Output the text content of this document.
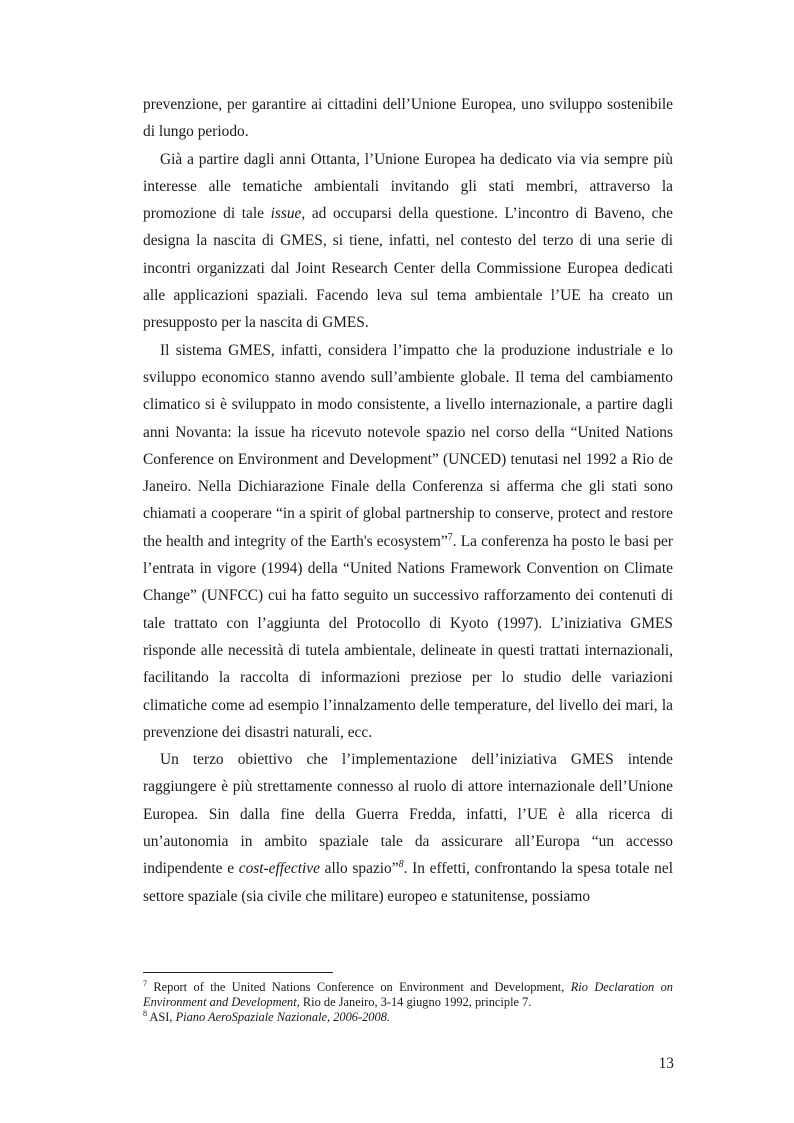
prevenzione, per garantire ai cittadini dell’Unione Europea, uno sviluppo sostenibile di lungo periodo.

Già a partire dagli anni Ottanta, l’Unione Europea ha dedicato via via sempre più interesse alle tematiche ambientali invitando gli stati membri, attraverso la promozione di tale issue, ad occuparsi della questione. L’incontro di Baveno, che designa la nascita di GMES, si tiene, infatti, nel contesto del terzo di una serie di incontri organizzati dal Joint Research Center della Commissione Europea dedicati alle applicazioni spaziali. Facendo leva sul tema ambientale l’UE ha creato un presupposto per la nascita di GMES.

Il sistema GMES, infatti, considera l’impatto che la produzione industriale e lo sviluppo economico stanno avendo sull’ambiente globale. Il tema del cambiamento climatico si è sviluppato in modo consistente, a livello internazionale, a partire dagli anni Novanta: la issue ha ricevuto notevole spazio nel corso della “United Nations Conference on Environment and Development” (UNCED) tenutasi nel 1992 a Rio de Janeiro. Nella Dichiarazione Finale della Conferenza si afferma che gli stati sono chiamati a cooperare “in a spirit of global partnership to conserve, protect and restore the health and integrity of the Earth's ecosystem”$^7$. La conferenza ha posto le basi per l’entrata in vigore (1994) della “United Nations Framework Convention on Climate Change” (UNFCC) cui ha fatto seguito un successivo rafforzamento dei contenuti di tale trattato con l’aggiunta del Protocollo di Kyoto (1997). L’iniziativa GMES risponde alle necessità di tutela ambientale, delineate in questi trattati internazionali, facilitando la raccolta di informazioni preziose per lo studio delle variazioni climatiche come ad esempio l’innalzamento delle temperature, del livello dei mari, la prevenzione dei disastri naturali, ecc.

Un terzo obiettivo che l’implementazione dell’iniziativa GMES intende raggiungere è più strettamente connesso al ruolo di attore internazionale dell’Unione Europea. Sin dalla fine della Guerra Fredda, infatti, l’UE è alla ricerca di un’autonomia in ambito spaziale tale da assicurare all’Europa “un accesso indipendente e cost-effective allo spazio”$^8$. In effetti, confrontando la spesa totale nel settore spaziale (sia civile che militare) europeo e statunitense, possiamo

$^7$ Report of the United Nations Conference on Environment and Development, Rio Declaration on Environment and Development, Rio de Janeiro, 3-14 giugno 1992, principle 7.

$^8$ ASI, Piano AeroSpaziale Nazionale, 2006-2008.

13
